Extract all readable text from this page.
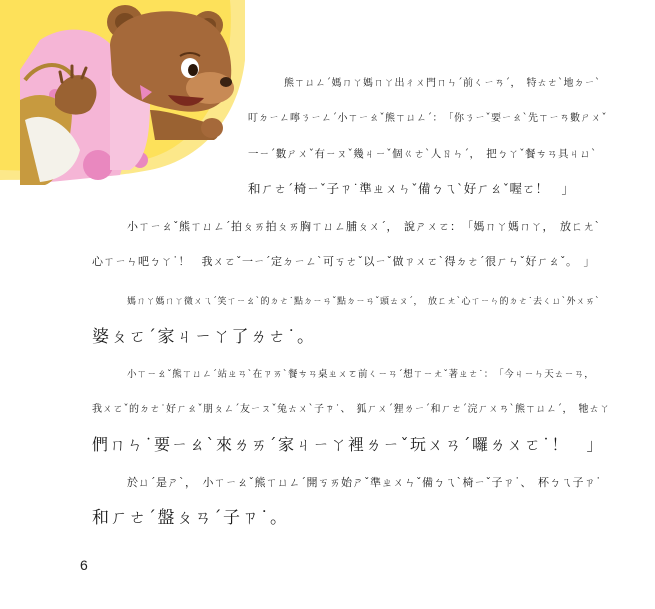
熊ㄒㄩㄥˊ媽ㄇㄚ媽ㄇㄚ出ㄔㄨ門ㄇㄣˊ前ㄑㄧㄢˊ，　特ㄊㄜˋ地ㄉㄧˋ
叮ㄉㄧㄥ嚀ㄋㄧㄥˊ小ㄒㄧㄠˇ熊ㄒㄩㄥˊ：　「你ㄋㄧˇ要ㄧㄠˋ先ㄒㄧㄢ數ㄕㄨˇ
一ㄧˊ數ㄕㄨˇ有ㄧㄡˇ幾ㄐㄧˇ個ㄍㄜˋ人ㄖㄣˊ，　把ㄅㄚˇ餐ㄘㄢ具ㄐㄩˋ
和ㄏㄜˊ椅ㄧˇ子ㄗ˙準ㄓㄨㄣˇ備ㄅㄟˋ好ㄏㄠˇ喔ㄛ！　」
小ㄒㄧㄠˇ熊ㄒㄩㄥˊ拍ㄆㄞ拍ㄆㄞ胸ㄒㄩㄥ脯ㄆㄨˊ，　說ㄕㄨㄛ：　「媽ㄇㄚ媽ㄇㄚ，　放ㄈㄤˋ
心ㄒㄧㄣ吧ㄅㄚ˙！　我ㄨㄛˇ一ㄧˊ定ㄉㄧㄥˋ可ㄎㄜˇ以ㄧˇ做ㄗㄨㄛˋ得ㄉㄜˊ很ㄏㄣˇ好ㄏㄠˇ。　」
媽ㄇㄚ媽ㄇㄚ微ㄨㄟˊ笑ㄒㄧㄠˋ的ㄉㄜ˙點ㄉㄧㄢˇ點ㄉㄧㄢˇ頭ㄊㄡˊ，　放ㄈㄤˋ心ㄒㄧㄣ的ㄉㄜ˙去ㄑㄩˋ外ㄨㄞˋ
婆ㄆㄛˊ家ㄐㄧㄚ了ㄌㄜ˙。
小ㄒㄧㄠˇ熊ㄒㄩㄥˊ站ㄓㄢˋ在ㄗㄞˋ餐ㄘㄢ桌ㄓㄨㄛ前ㄑㄧㄢˊ想ㄒㄧㄤˇ著ㄓㄜ˙：　「今ㄐㄧㄣ天ㄊㄧㄢ，
我ㄨㄛˇ的ㄉㄜ˙好ㄏㄠˇ朋ㄆㄥˊ友ㄧㄡˇ兔ㄊㄨˋ子ㄗ˙、　狐ㄏㄨˊ狸ㄌㄧˊ和ㄏㄜˊ浣ㄏㄨㄢˋ熊ㄒㄩㄥˊ，　牠ㄊㄚ
們ㄇㄣ˙要ㄧㄠˋ來ㄌㄞˊ家ㄐㄧㄚ裡ㄌㄧˇ玩ㄨㄢˊ囉ㄌㄨㄛ˙！　」
於ㄩˊ是ㄕˋ，　小ㄒㄧㄠˇ熊ㄒㄩㄥˊ開ㄎㄞ始ㄕˇ準ㄓㄨㄣˇ備ㄅㄟˋ椅ㄧˇ子ㄗ˙、　杯ㄅㄟ子ㄗ˙
和ㄏㄜˊ盤ㄆㄢˊ子ㄗ˙。
6
